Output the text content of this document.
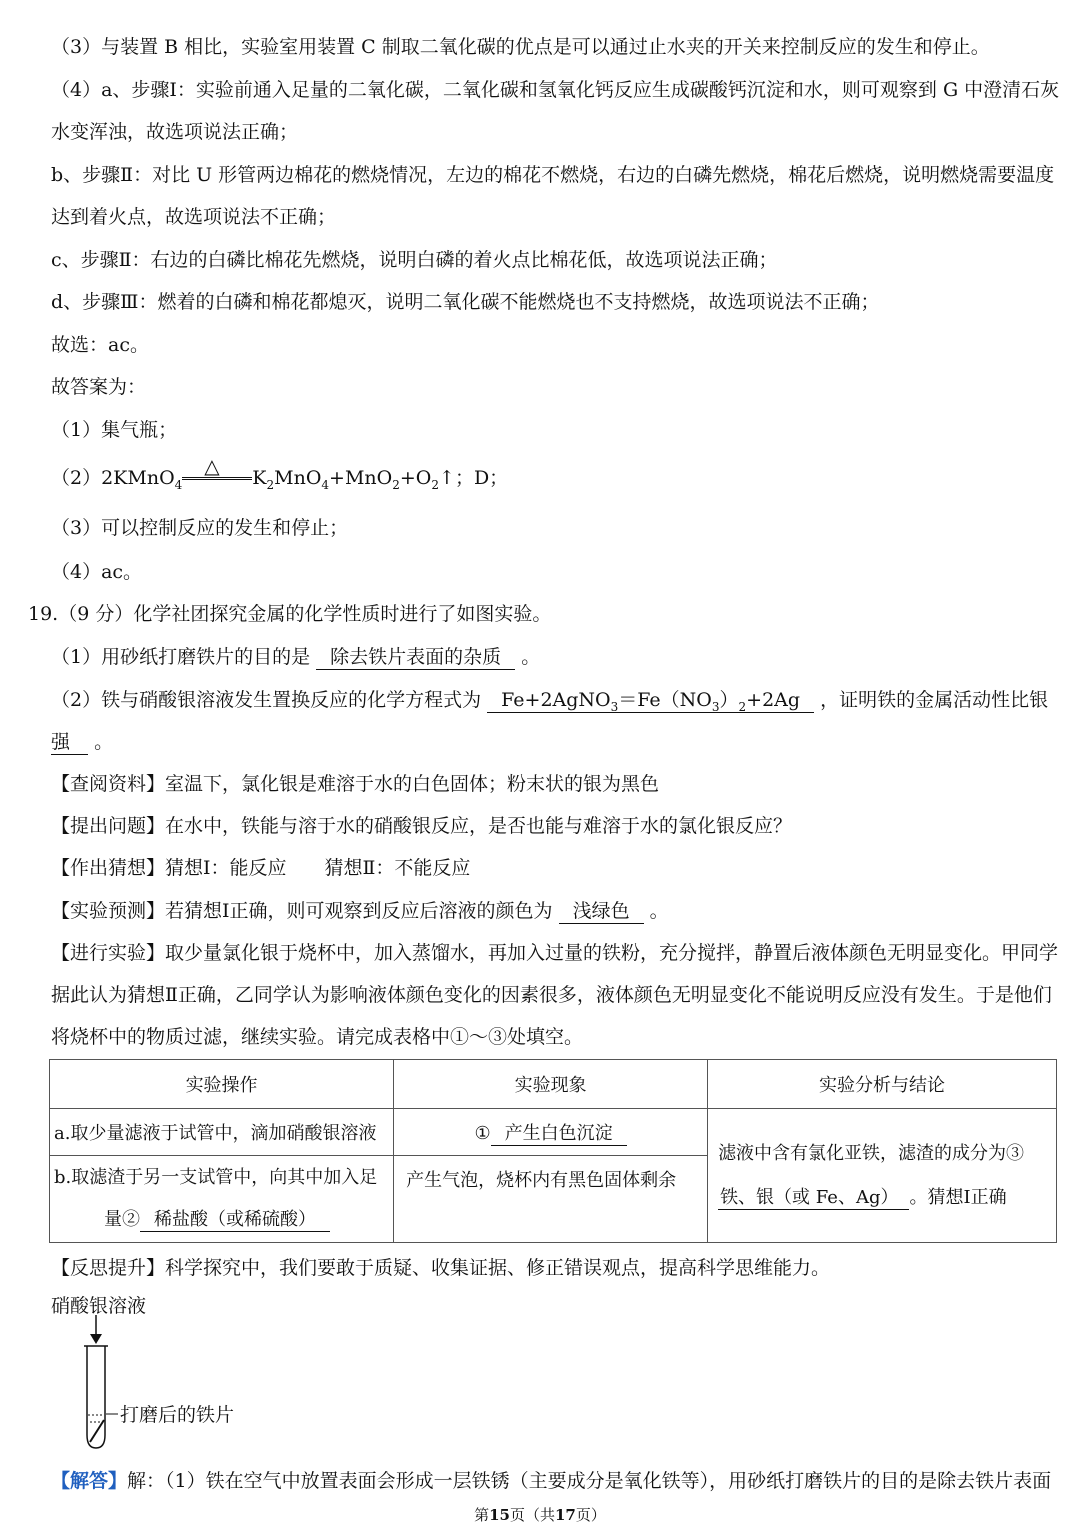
（3）与装置 B 相比，实验室用装置 C 制取二氧化碳的优点是可以通过止水夹的开关来控制反应的发生和停止。
（4）a、步骤Ⅰ：实验前通入足量的二氧化碳，二氧化碳和氢氧化钙反应生成碳酸钙沉淀和水，则可观察到 G 中澄清石灰
水变浑浊，故选项说法正确；
b、步骤Ⅱ：对比 U 形管两边棉花的燃烧情况，左边的棉花不燃烧，右边的白磷先燃烧，棉花后燃烧，说明燃烧需要温度
达到着火点，故选项说法不正确；
c、步骤Ⅱ：右边的白磷比棉花先燃烧，说明白磷的着火点比棉花低，故选项说法正确；
d、步骤Ⅲ：燃着的白磷和棉花都熄灭，说明二氧化碳不能燃烧也不支持燃烧，故选项说法不正确；
故选：ac。
故答案为：
（1）集气瓶；
（2）2KMnO$_4$
△ $K_2MnO_4+MnO_2+O_2↑$；D；
（3）可以控制反应的发生和停止；
（4）ac。
19.（9 分）化学社团探究金属的化学性质时进行了如图实验。
（1）用砂纸打磨铁片的目的是 除去铁片表面的杂质 。
（2）铁与硝酸银溶液发生置换反应的化学方程式为 $Fe+2AgNO_3=Fe(NO_3)_2+2Ag$ ，证明铁的金属活动性比银
强 。
【查阅资料】室温下，氯化银是难溶于水的白色固体；粉末状的银为黑色
【提出问题】在水中，铁能与溶于水的硝酸银反应，是否也能与难溶于水的氯化银反应？
【作出猜想】猜想Ⅰ：能反应　　猜想Ⅱ：不能反应
【实验预测】若猜想Ⅰ正确，则可观察到反应后溶液的颜色为 浅绿色 。
【进行实验】取少量氯化银于烧杯中，加入蒸馏水，再加入过量的铁粉，充分搅拌，静置后液体颜色无明显变化。甲同学
据此认为猜想Ⅱ正确，乙同学认为影响液体颜色变化的因素很多，液体颜色无明显变化不能说明反应没有发生。于是他们
将烧杯中的物质过滤，继续实验。请完成表格中①～③处填空。
实验操作	实验现象	实验分析与结论
a.取少量滤液于试管中，滴加硝酸银溶液	① 产生白色沉淀	滤液中含有氯化亚铁，滤渣的成分为③
铁、银（或 Fe、Ag） 。猜想Ⅰ正确

b.取滤渣于另一支试管中，向其中加入足
量② 稀盐酸（或稀硫酸）	产生气泡，烧杯内有黑色固体剩余	
【反思提升】科学探究中，我们要敢于质疑、收集证据、修正错误观点，提高科学思维能力。
硝酸银溶液
打磨后的铁片
【解答】解：（1）铁在空气中放置表面会形成一层铁锈（主要成分是氧化铁等），用砂纸打磨铁片的目的是除去铁片表面
第15页（共17页）
